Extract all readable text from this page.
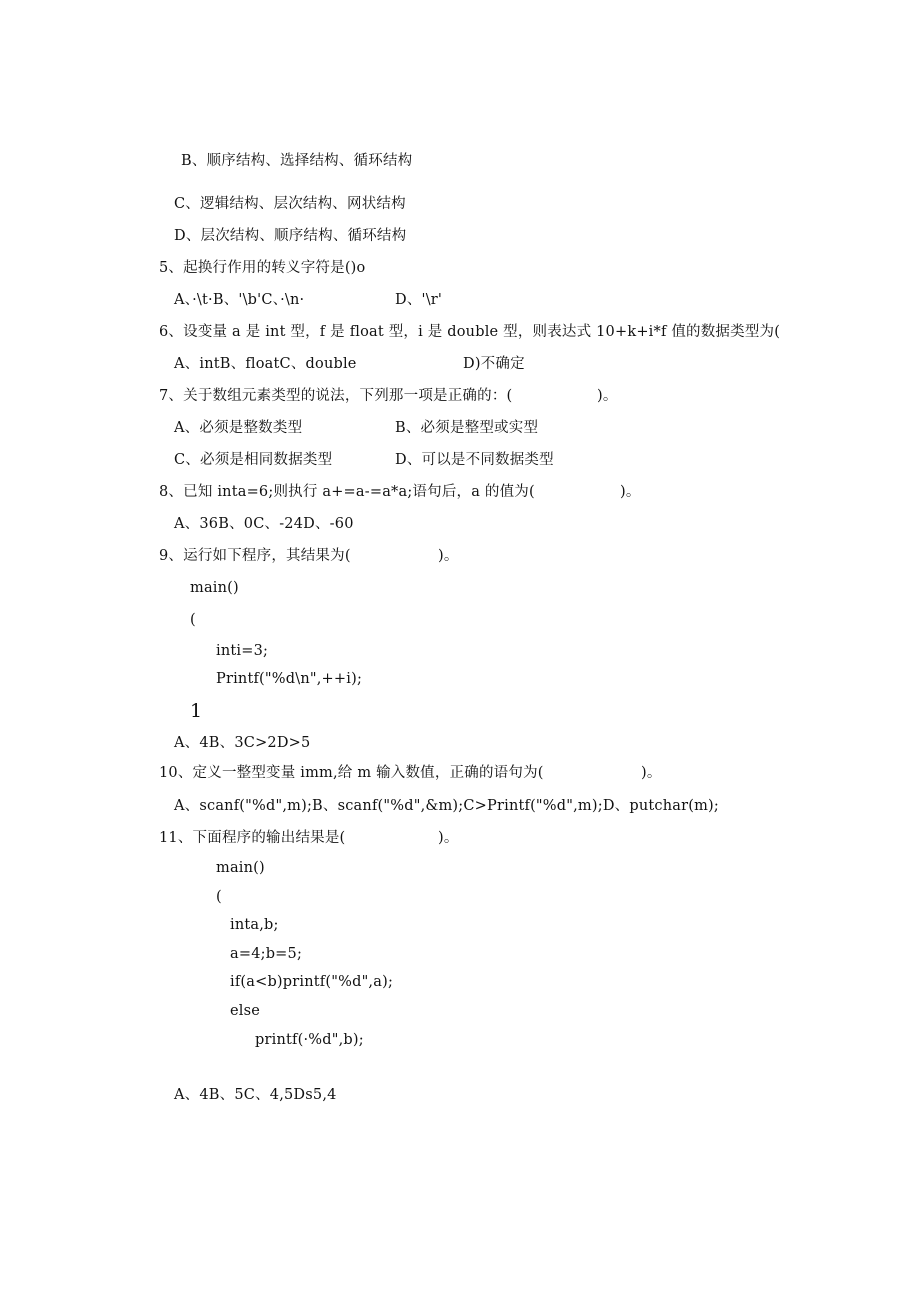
B、顺序结构、选择结构、循环结构
C、逻辑结构、层次结构、网状结构
D、层次结构、顺序结构、循环结构
5、起换行作用的转义字符是()o
A、·\t·B、'\b'C、·\n·	D、'\r'
6、设变量 a 是 int 型，f 是 float 型，i 是 double 型，则表达式 10+k+i*f 值的数据类型为(
A、intB、floatC、double	D)不确定
7、关于数组元素类型的说法，下列那一项是正确的：(	)。
A、必须是整数类型	B、必须是整型或实型
C、必须是相同数据类型	D、可以是不同数据类型
8、已知 inta=6;则执行 a+=a-=a*a;语句后，a 的值为(	)。
A、36B、0C、-24D、-60
9、运行如下程序，其结果为(	)。
main()
(
inti=3;
Printf("%d\n",++i);
1
A、4B、3C>2D>5
10、定义一整型变量 imm,给 m 输入数值，正确的语句为(	)。
A、scanf("%d",m);B、scanf("%d",&m);C>Printf("%d",m);D、putchar(m);
11、下面程序的输出结果是(	)。
main()
(
inta,b;
a=4;b=5;
if(a<b)printf("%d",a);
else
printf(·%d",b);
A、4B、5C、4,5Ds5,4
